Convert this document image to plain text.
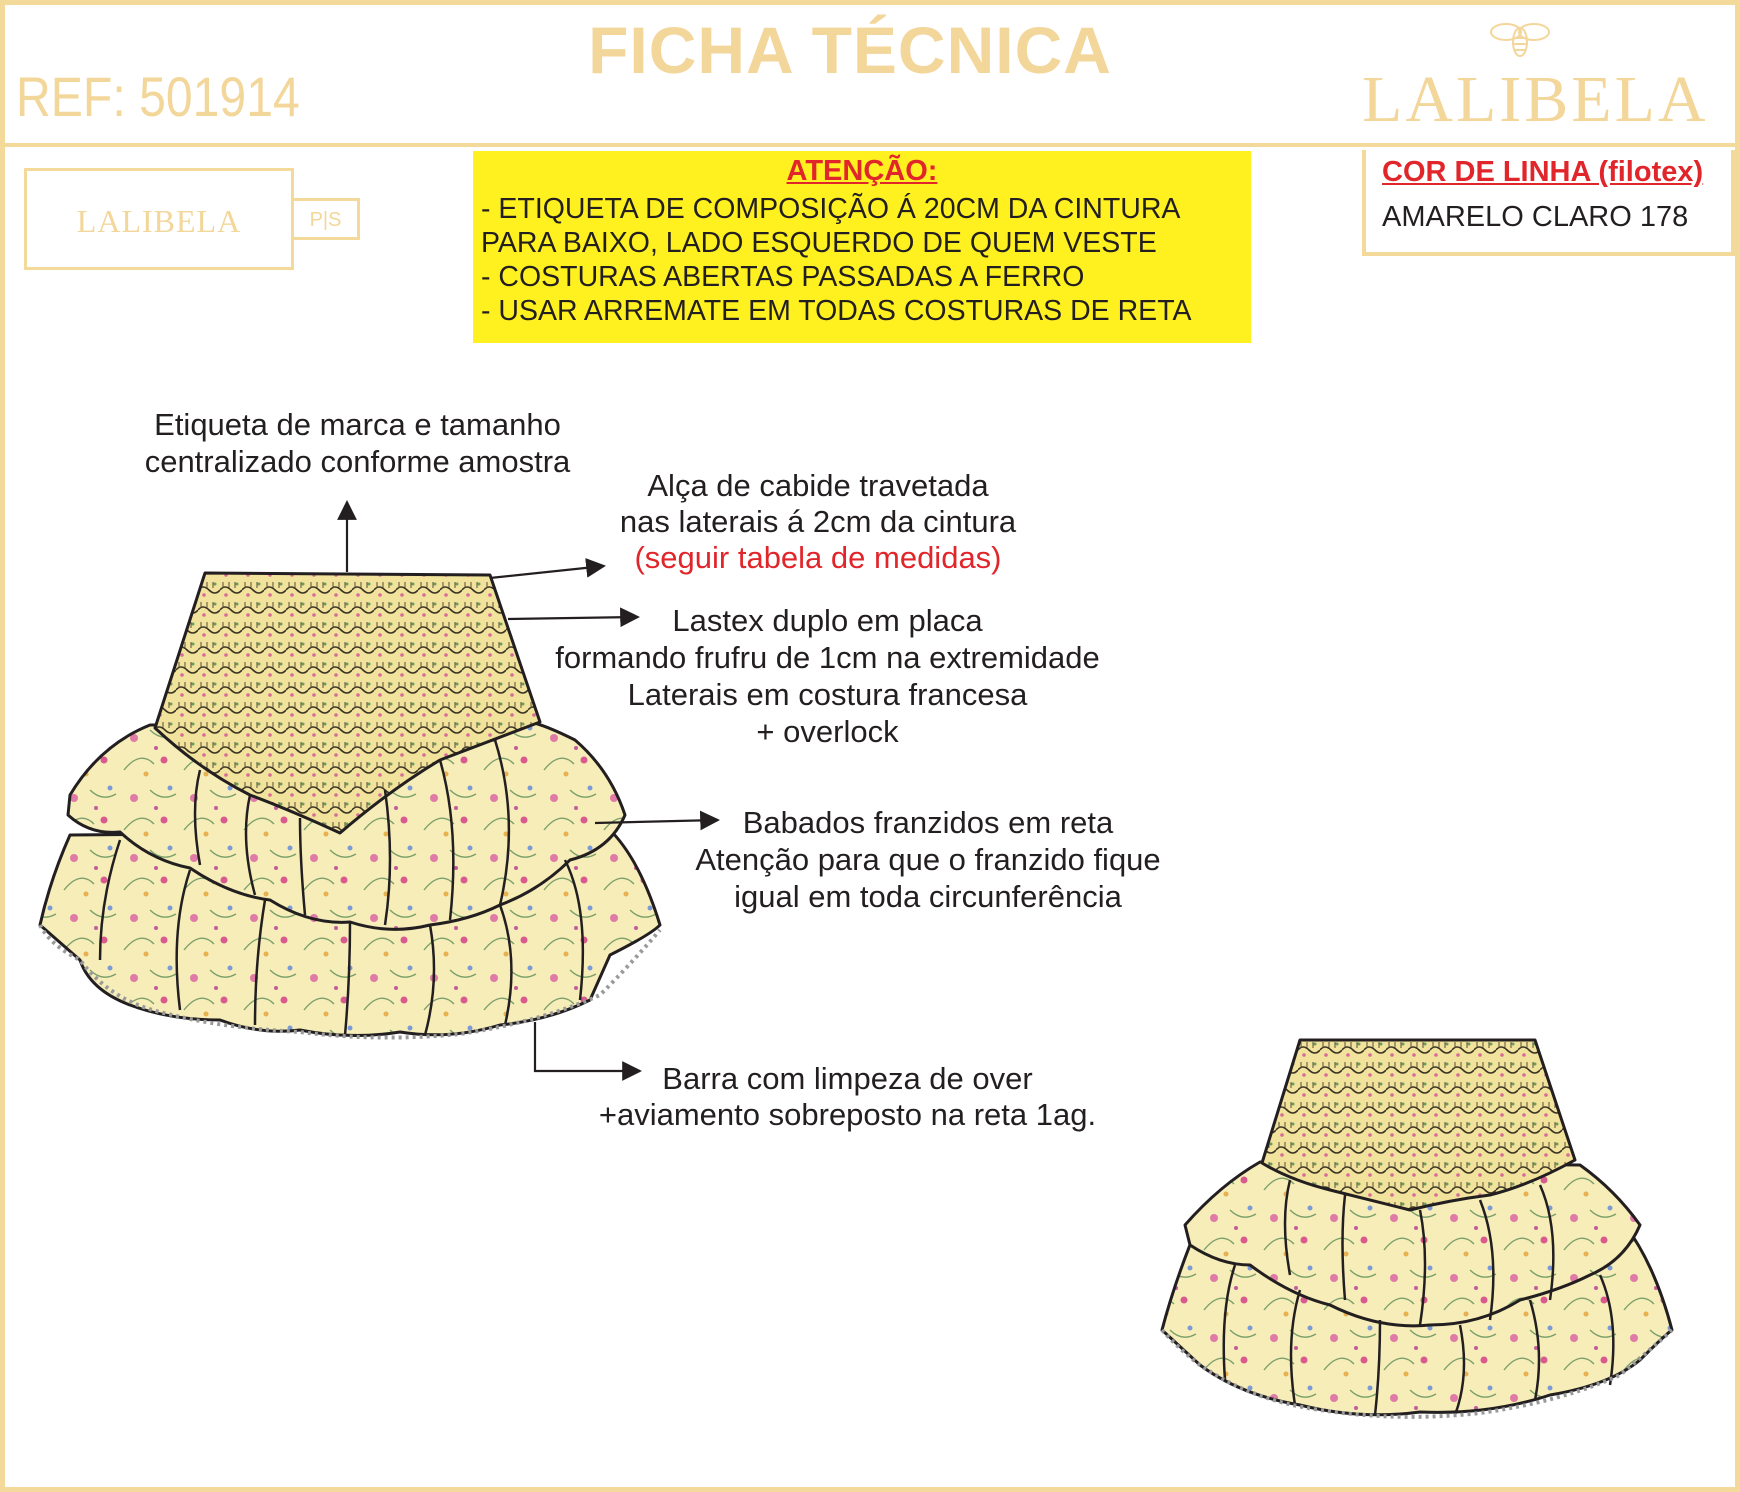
FICHA TÉCNICA
REF: 501914	LALIBELA
LALIBELA	P|S
ATENÇÃO:
- ETIQUETA DE COMPOSIÇÃO Á 20CM DA CINTURA
PARA BAIXO, LADO ESQUERDO DE QUEM VESTE
- COSTURAS ABERTAS PASSADAS A FERRO
- USAR ARREMATE EM TODAS COSTURAS DE RETA
COR DE LINHA (filotex)
AMARELO CLARO 178
Etiqueta de marca e tamanho
centralizado conforme amostra
Alça de cabide travetada
nas laterais á 2cm da cintura
(seguir tabela de medidas)
Lastex duplo em placa
formando frufru de 1cm na extremidade
Laterais em costura francesa
+ overlock
Babados franzidos em reta
Atenção para que o franzido fique
igual em toda circunferência
Barra com limpeza de over
+aviamento sobreposto na reta 1ag.
